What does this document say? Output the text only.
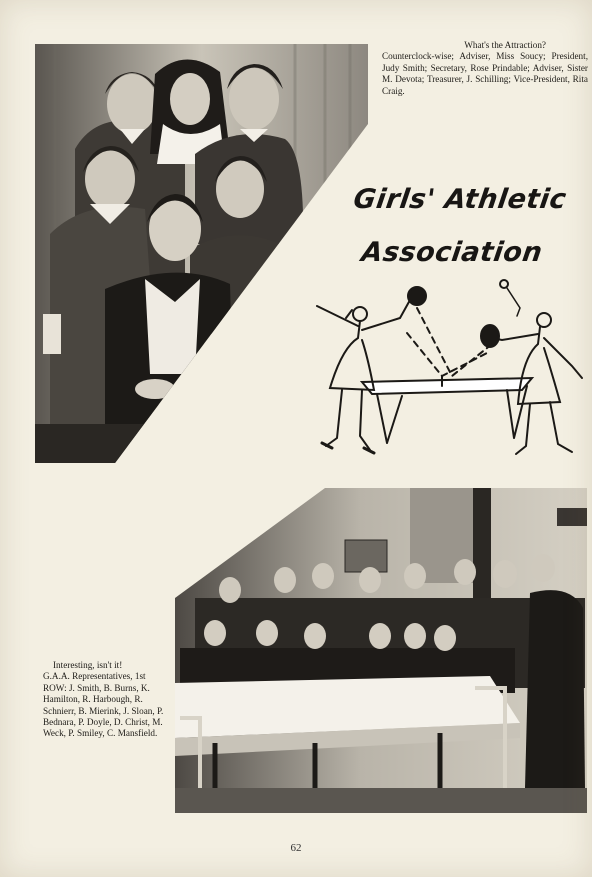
What's the Attraction?
Counterclock-wise; Adviser, Miss Soucy; President, Judy Smith; Secretary, Rose Prindable; Adviser, Sister M. Devota; Treasurer, J. Schilling; Vice-President, Rita Craig.
Girls' Athletic
Association
Interesting, isn't it!
G.A.A. Representatives, 1st ROW: J. Smith, B. Burns, K. Hamilton, R. Harbough, R. Schnierr, B. Mierink, J. Sloan, P. Bednara, P. Doyle, D. Christ, M. Weck, P. Smiley, C. Mansfield.
62
